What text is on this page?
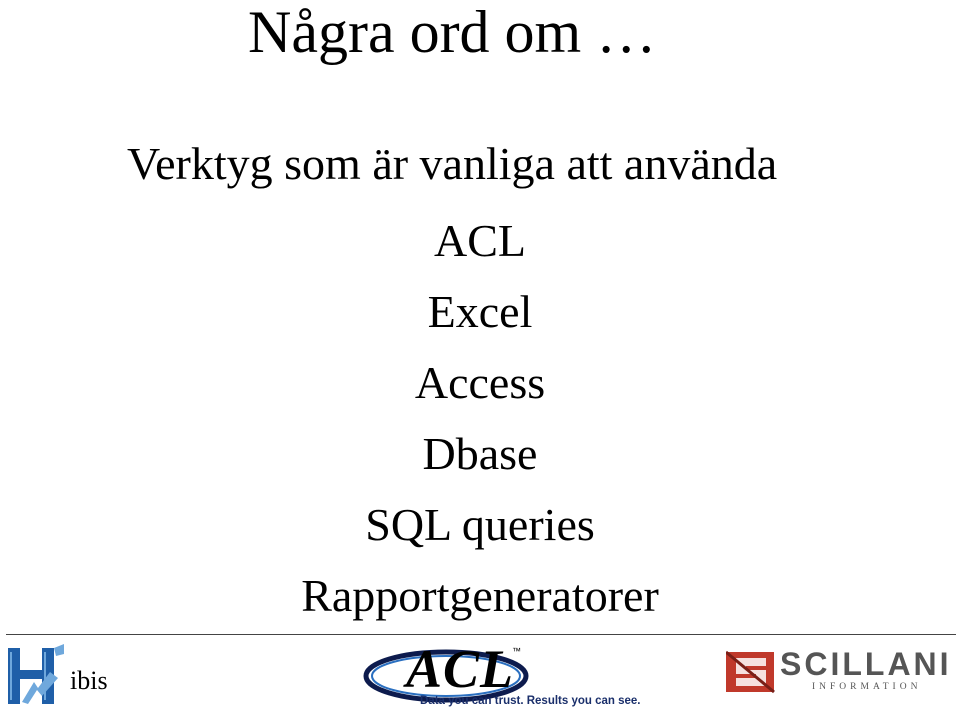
Några ord om …
Verktyg som är vanliga att använda
ACL
Excel
Access
Dbase
SQL queries
Rapportgeneratorer
ibis	ACL
™
Data you can trust. Results you can see.
SCILLANI
INFORMATION
